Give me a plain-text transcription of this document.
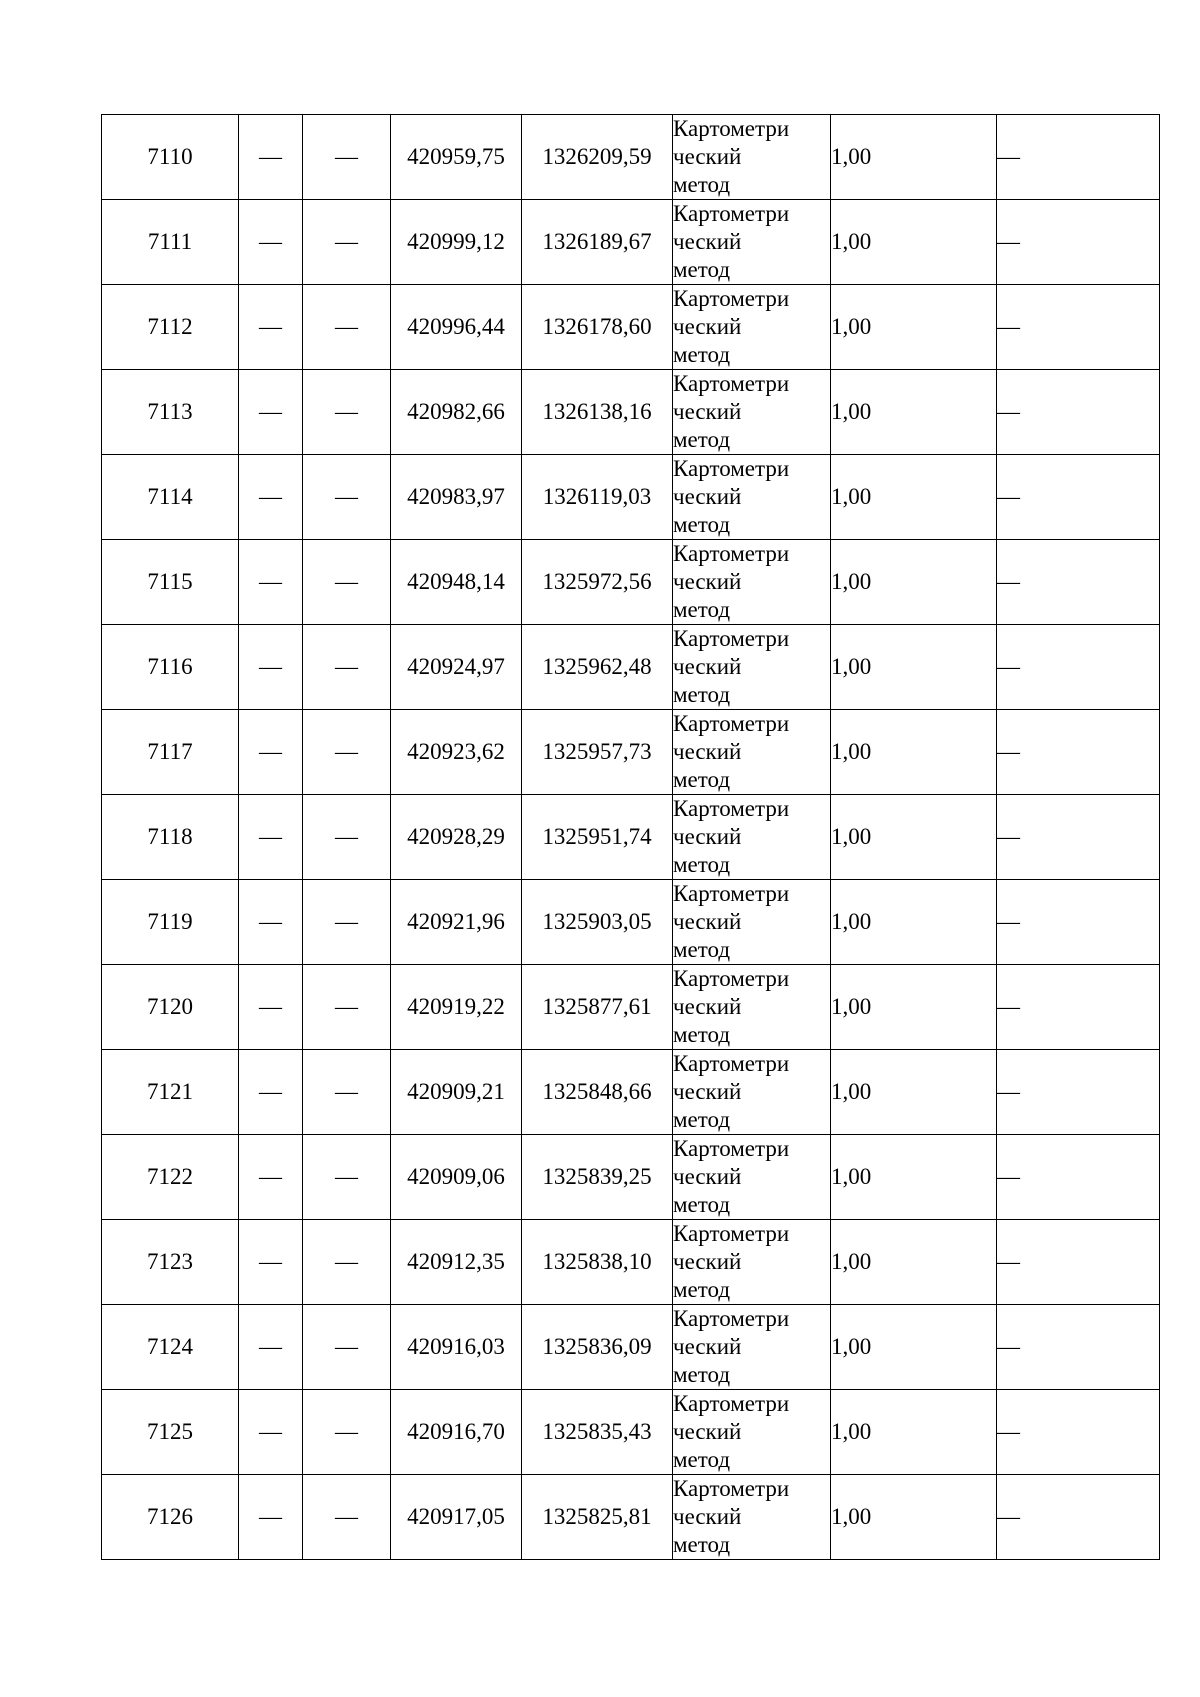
7110	—	—	420959,75	1326209,59	Картометри
ческий
метод	1,00	—
7111	—	—	420999,12	1326189,67	Картометри
ческий
метод	1,00	—
7112	—	—	420996,44	1326178,60	Картометри
ческий
метод	1,00	—
7113	—	—	420982,66	1326138,16	Картометри
ческий
метод	1,00	—
7114	—	—	420983,97	1326119,03	Картометри
ческий
метод	1,00	—
7115	—	—	420948,14	1325972,56	Картометри
ческий
метод	1,00	—
7116	—	—	420924,97	1325962,48	Картометри
ческий
метод	1,00	—
7117	—	—	420923,62	1325957,73	Картометри
ческий
метод	1,00	—
7118	—	—	420928,29	1325951,74	Картометри
ческий
метод	1,00	—
7119	—	—	420921,96	1325903,05	Картометри
ческий
метод	1,00	—
7120	—	—	420919,22	1325877,61	Картометри
ческий
метод	1,00	—
7121	—	—	420909,21	1325848,66	Картометри
ческий
метод	1,00	—
7122	—	—	420909,06	1325839,25	Картометри
ческий
метод	1,00	—
7123	—	—	420912,35	1325838,10	Картометри
ческий
метод	1,00	—
7124	—	—	420916,03	1325836,09	Картометри
ческий
метод	1,00	—
7125	—	—	420916,70	1325835,43	Картометри
ческий
метод	1,00	—
7126	—	—	420917,05	1325825,81	Картометри
ческий
метод	1,00	—
